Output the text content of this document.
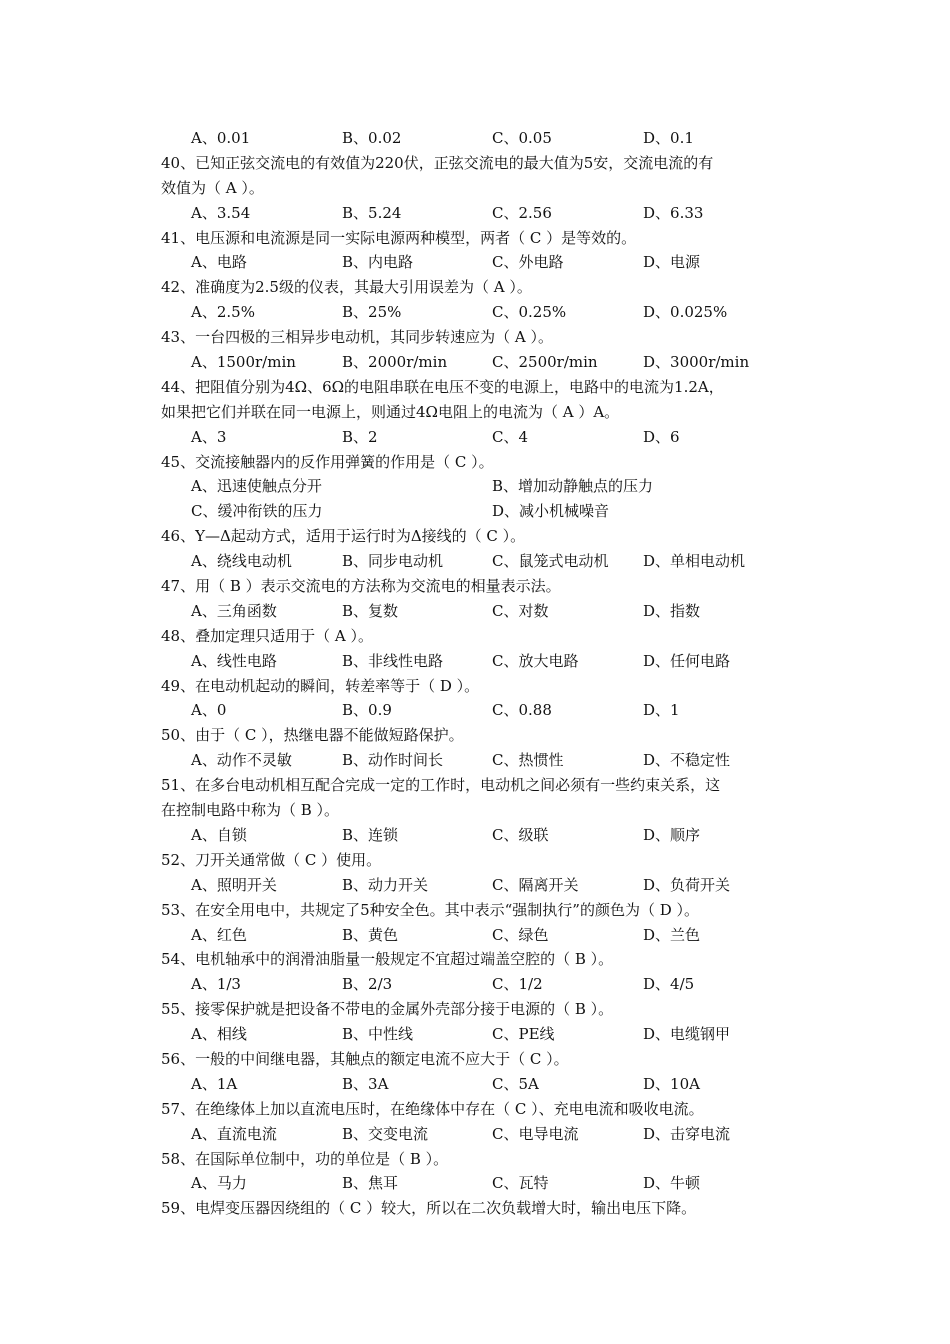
A、0.01	B、0.02	C、0.05	D、0.1
40、已知正弦交流电的有效值为220伏，正弦交流电的最大值为5安，交流电流的有
效值为（ A ）。
A、3.54	B、5.24	C、2.56	D、6.33
41、电压源和电流源是同一实际电源两种模型，两者（ C ）是等效的。
A、电路	B、内电路	C、外电路	D、电源
42、准确度为2.5级的仪表，其最大引用误差为（ A ）。
A、2.5%	B、25%	C、0.25%	D、0.025%
43、一台四极的三相异步电动机，其同步转速应为（ A ）。
A、1500r/min	B、2000r/min	C、2500r/min	D、3000r/min
44、把阻值分别为4Ω、6Ω的电阻串联在电压不变的电源上，电路中的电流为1.2A，
如果把它们并联在同一电源上，则通过4Ω电阻上的电流为（ A ）A。
A、3	B、2	C、4	D、6
45、交流接触器内的反作用弹簧的作用是（ C ）。
A、迅速使触点分开	B、增加动静触点的压力
C、缓冲衔铁的压力	D、减小机械噪音
46、Y—Δ起动方式，适用于运行时为Δ接线的（ C ）。
A、绕线电动机	B、同步电动机	C、鼠笼式电动机 D、单相电动机
47、用（ B ）表示交流电的方法称为交流电的相量表示法。
A、三角函数	B、复数	C、对数	D、指数
48、叠加定理只适用于（ A ）。
A、线性电路	B、非线性电路	C、放大电路	D、任何电路
49、在电动机起动的瞬间，转差率等于（ D ）。
A、0	B、0.9	C、0.88	D、1
50、由于（ C ），热继电器不能做短路保护。
A、动作不灵敏	B、动作时间长	C、热惯性	D、不稳定性
51、在多台电动机相互配合完成一定的工作时，电动机之间必须有一些约束关系，这
在控制电路中称为（ B ）。
A、自锁	B、连锁	C、级联	D、顺序
52、刀开关通常做（ C ）使用。
A、照明开关	B、动力开关	C、隔离开关	D、负荷开关
53、在安全用电中，共规定了5种安全色。其中表示“强制执行”的颜色为（ D ）。
A、红色	B、黄色	C、绿色	D、兰色
54、电机轴承中的润滑油脂量一般规定不宜超过端盖空腔的（ B ）。
A、1/3	B、2/3	C、1/2	D、4/5
55、接零保护就是把设备不带电的金属外壳部分接于电源的（ B ）。
A、相线	B、中性线	C、PE线	D、电缆钢甲
56、一般的中间继电器，其触点的额定电流不应大于（ C ）。
A、1A	B、3A	C、5A	D、10A
57、在绝缘体上加以直流电压时，在绝缘体中存在（ C ）、充电电流和吸收电流。
A、直流电流	B、交变电流	C、电导电流	D、击穿电流
58、在国际单位制中，功的单位是（ B ）。
A、马力	B、焦耳	C、瓦特	D、牛顿
59、电焊变压器因绕组的（ C ）较大，所以在二次负载增大时，输出电压下降。
